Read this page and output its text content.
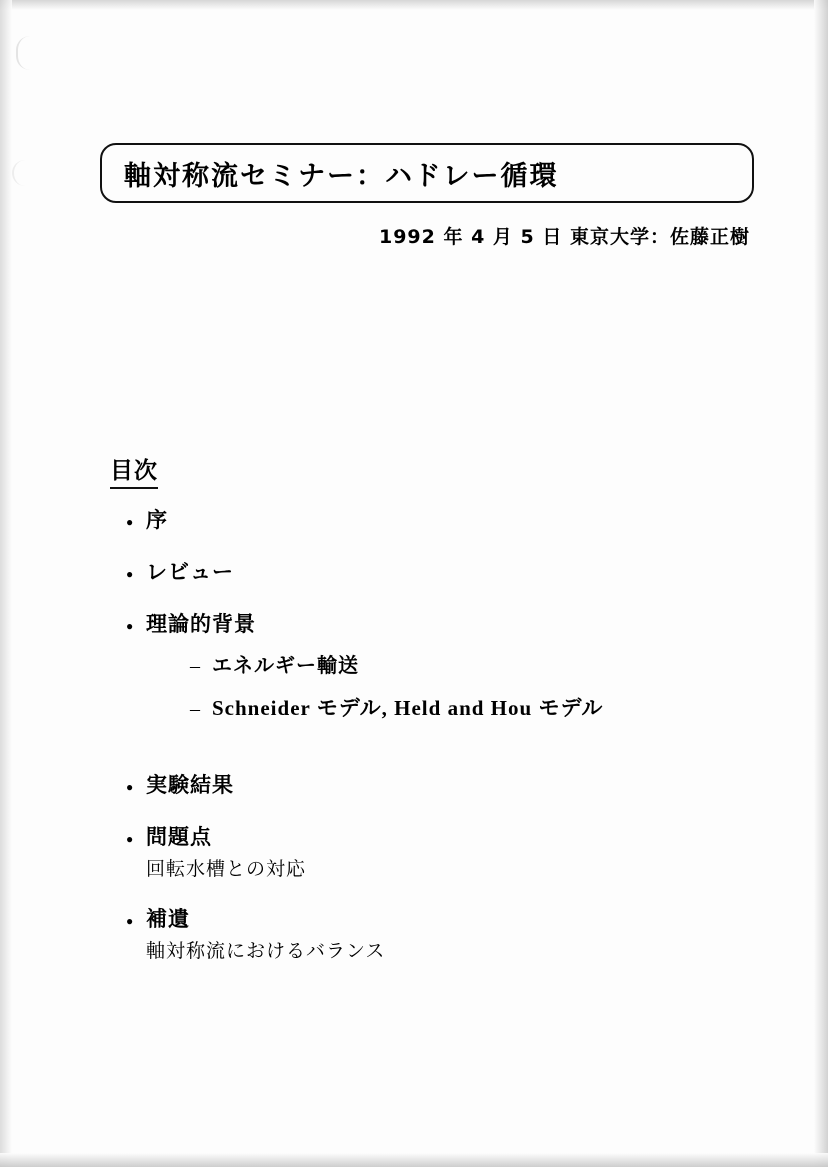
軸対称流セミナー：ハドレー循環
1992 年 4 月 5 日 東京大学：佐藤正樹
目次
●
序
●
レビュー
●
理論的背景
– エネルギー輸送
– Schneider モデル, Held and Hou モデル
●
実験結果
●
問題点
回転水槽との対応
●
補遺
軸対称流におけるバランス
